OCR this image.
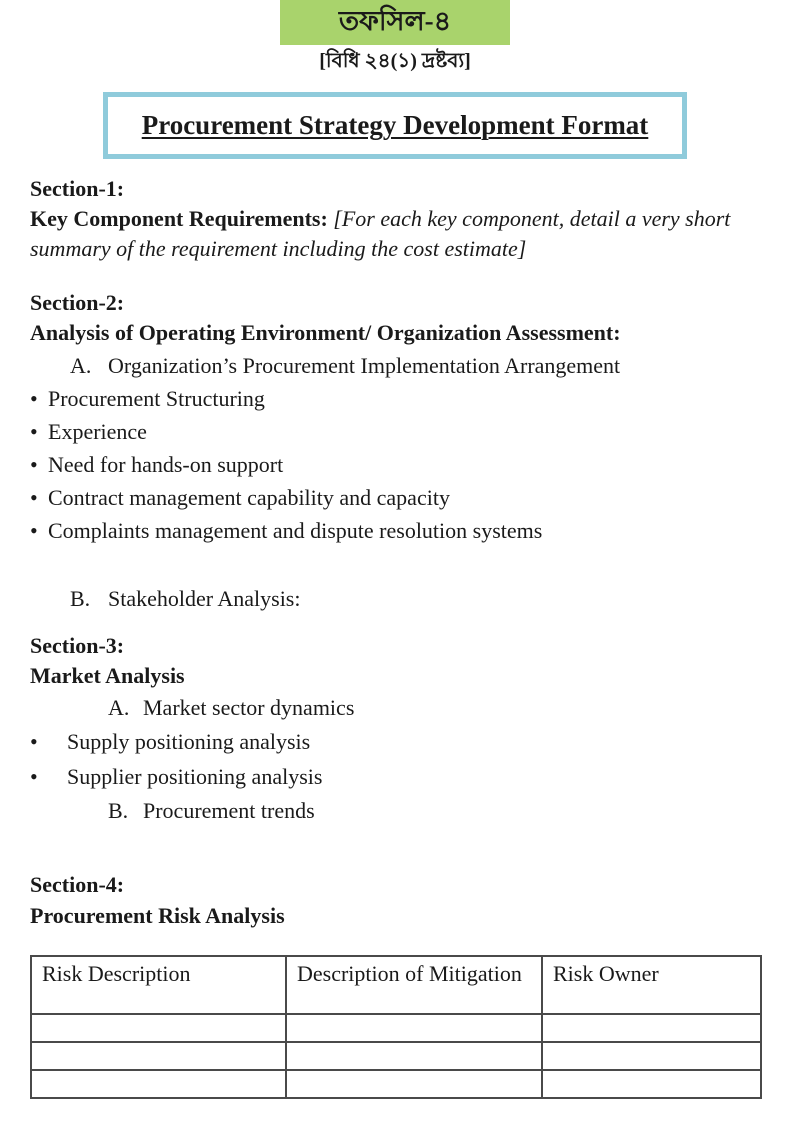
তফসিল-৪
[বিধি ২৪(১) দ্রষ্টব্য]
Procurement Strategy Development Format

Section-1:
Key Component Requirements: [For each key component, detail a very short summary of the requirement including the cost estimate]

Section-2:
Analysis of Operating Environment/ Organization Assessment:

A. Organization’s Procurement Implementation Arrangement
• Procurement Structuring
• Experience
• Need for hands-on support
• Contract management capability and capacity
• Complaints management and dispute resolution systems
B. Stakeholder Analysis:

Section-3:
Market Analysis

A. Market sector dynamics
•	Supply positioning analysis
•	Supplier positioning analysis
B. Procurement trends

Section-4:
Procurement Risk Analysis

Risk Description	Description of Mitigation	Risk Owner
